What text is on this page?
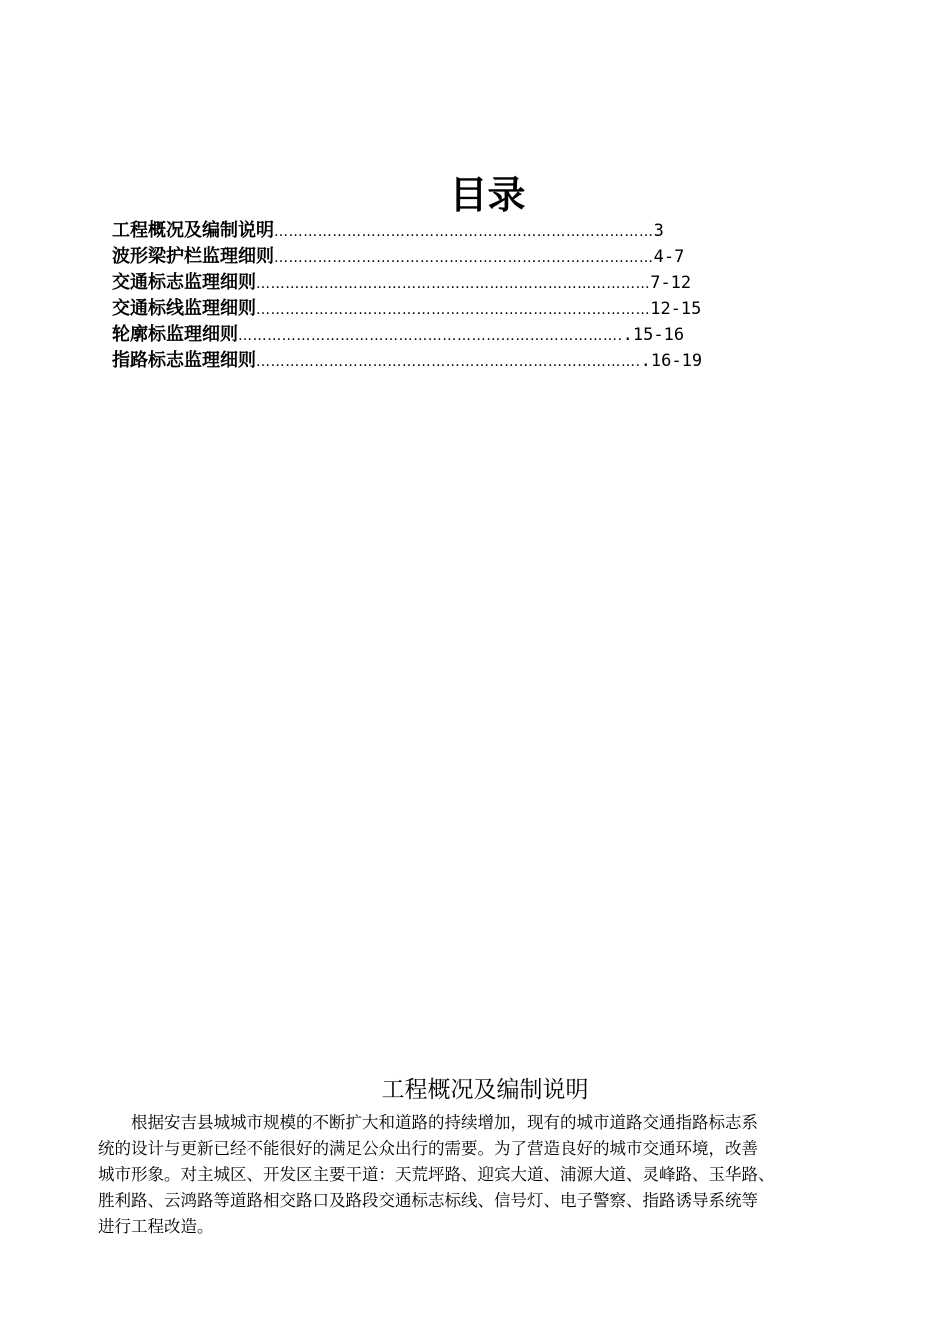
目录
工程概况及编制说明……………………………………………………………………3
波形梁护栏监理细则……………………………………………………………………4-7
交通标志监理细则………………………………………………………………………7-12
交通标线监理细则………………………………………………………………………12-15
轮廓标监理细则……………………………………………………………………..15-16
指路标志监理细则……………………………………………………………………..16-19
工程概况及编制说明

　　根据安吉县城城市规模的不断扩大和道路的持续增加，现有的城市道路交通指路标志系

统的设计与更新已经不能很好的满足公众出行的需要。为了营造良好的城市交通环境，改善

城市形象。对主城区、开发区主要干道：天荒坪路、迎宾大道、浦源大道、灵峰路、玉华路、

胜利路、云鸿路等道路相交路口及路段交通标志标线、信号灯、电子警察、指路诱导系统等

进行工程改造。
